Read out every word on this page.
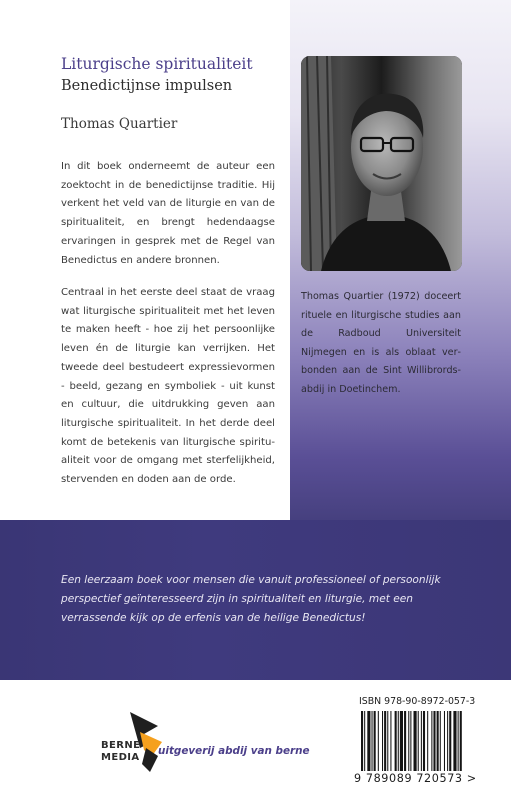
Liturgische spiritualiteit
Benedictijnse impulsen
Thomas Quartier

In dit boek onderneemt de auteur een zoektocht in de benedictijnse traditie. Hij verkent het veld van de liturgie en van de spiritualiteit, en brengt hedendaagse ervaringen in gesprek met de Regel van Benedictus en andere bronnen.

Centraal in het eerste deel staat de vraag wat liturgische spiritualiteit met het leven te maken heeft - hoe zij het persoonlijke leven én de liturgie kan verrijken. Het tweede deel bestudeert expressievormen - beeld, gezang en symboliek - uit kunst en cultuur, die uitdrukking geven aan liturgische spiritualiteit. In het derde deel komt de betekenis van liturgische spiritualiteit voor de omgang met sterfelijkheid, stervenden en doden aan de orde.

Thomas Quartier (1972) doceert rituele en liturgische studies aan de Radboud Universiteit Nijmegen en is als oblaat verbonden aan de Sint Willibrordsabdij in Doetinchem.

Een leerzaam boek voor mensen die vanuit professioneel of persoonlijk perspectief geïnteresseerd zijn in spiritualiteit en liturgie, met een verrassende kijk op de erfenis van de heilige Benedictus!

BERNE
MEDIA
uitgeverij abdij van berne
ISBN 978-90-8972-057-3
9 789089 720573 >
